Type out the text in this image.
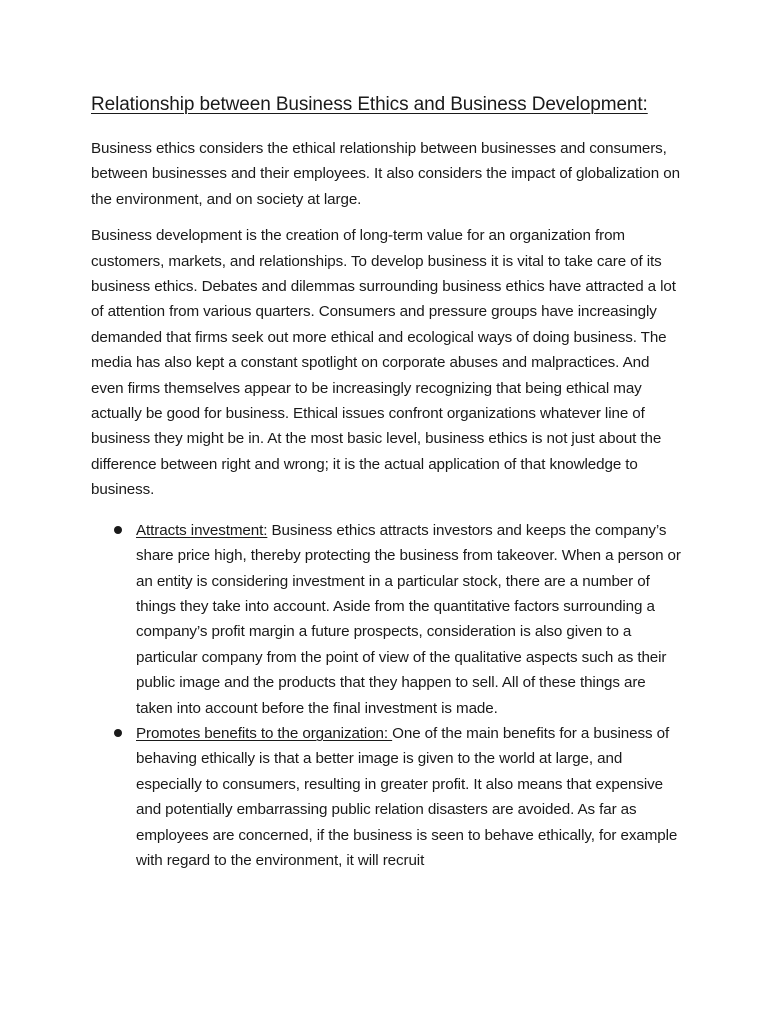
Relationship between Business Ethics and Business Development:

Business ethics considers the ethical relationship between businesses and consumers, between businesses and their employees. It also considers the impact of globalization on the environment, and on society at large.

Business development is the creation of long-term value for an organization from customers, markets, and relationships. To develop business it is vital to take care of its business ethics. Debates and dilemmas surrounding business ethics have attracted a lot of attention from various quarters. Consumers and pressure groups have increasingly demanded that firms seek out more ethical and ecological ways of doing business. The media has also kept a constant spotlight on corporate abuses and malpractices. And even firms themselves appear to be increasingly recognizing that being ethical may actually be good for business. Ethical issues confront organizations whatever line of business they might be in. At the most basic level, business ethics is not just about the difference between right and wrong; it is the actual application of that knowledge to business.

Attracts investment: Business ethics attracts investors and keeps the company’s share price high, thereby protecting the business from takeover. When a person or an entity is considering investment in a particular stock, there are a number of things they take into account. Aside from the quantitative factors surrounding a company’s profit margin a future prospects, consideration is also given to a particular company from the point of view of the qualitative aspects such as their public image and the products that they happen to sell. All of these things are taken into account before the final investment is made.
Promotes benefits to the organization: One of the main benefits for a business of behaving ethically is that a better image is given to the world at large, and especially to consumers, resulting in greater profit. It also means that expensive and potentially embarrassing public relation disasters are avoided. As far as employees are concerned, if the business is seen to behave ethically, for example with regard to the environment, it will recruit
